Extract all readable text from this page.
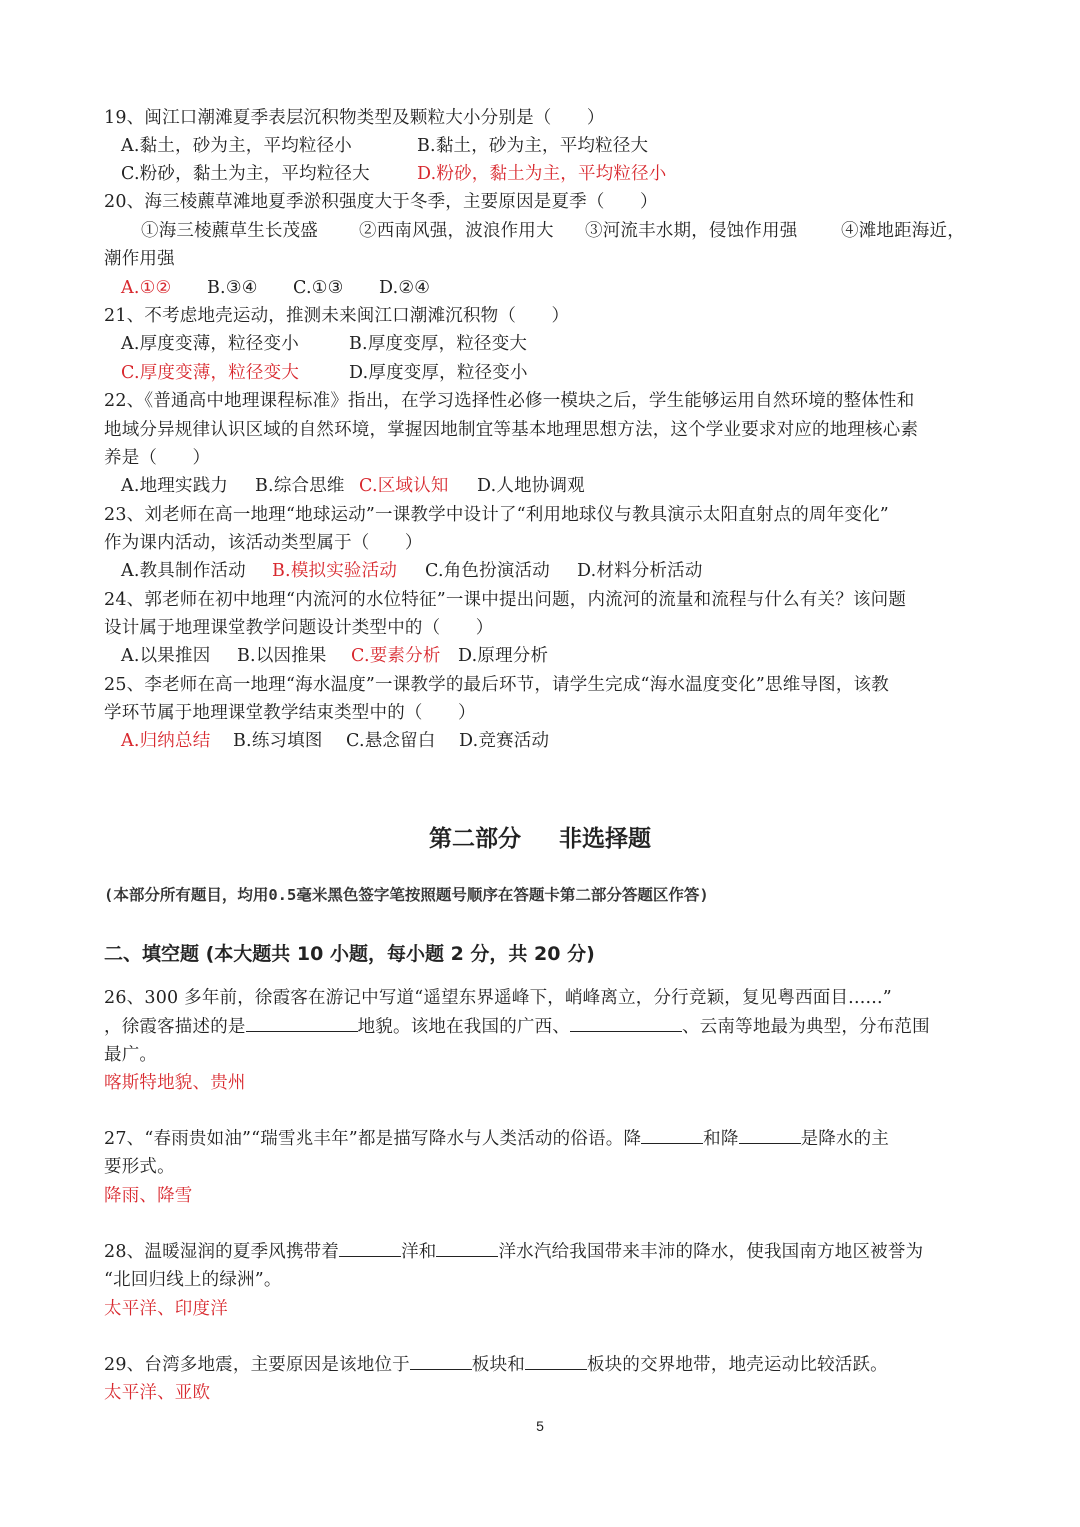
19、闽江口潮滩夏季表层沉积物类型及颗粒大小分别是（　　）
A.黏土，砂为主，平均粒径小	B.黏土，砂为主，平均粒径大
C.粉砂，黏土为主，平均粒径大	D.粉砂，黏土为主，平均粒径小
20、海三棱藨草滩地夏季淤积强度大于冬季，主要原因是夏季（　　）
①海三棱藨草生长茂盛 ②西南风强，波浪作用大 ③河流丰水期，侵蚀作用强 ④滩地距海近，
潮作用强
A.①② B.③④ C.①③ D.②④
21、不考虑地壳运动，推测未来闽江口潮滩沉积物（　　）
A.厚度变薄，粒径变小	B.厚度变厚，粒径变大
C.厚度变薄，粒径变大	D.厚度变厚，粒径变小
22、《普通高中地理课程标准》指出，在学习选择性必修一模块之后，学生能够运用自然环境的整体性和
地域分异规律认识区域的自然环境，掌握因地制宜等基本地理思想方法，这个学业要求对应的地理核心素
养是（　　）
A.地理实践力 B.综合思维 C.区域认知 D.人地协调观
23、刘老师在高一地理“地球运动”一课教学中设计了“利用地球仪与教具演示太阳直射点的周年变化”
作为课内活动，该活动类型属于（　　）
A.教具制作活动 B.模拟实验活动 C.角色扮演活动 D.材料分析活动
24、郭老师在初中地理“内流河的水位特征”一课中提出问题，内流河的流量和流程与什么有关？该问题
设计属于地理课堂教学问题设计类型中的（　　）
A.以果推因 B.以因推果 C.要素分析 D.原理分析
25、李老师在高一地理“海水温度”一课教学的最后环节，请学生完成“海水温度变化”思维导图，该教
学环节属于地理课堂教学结束类型中的（　　）
A.归纳总结 B.练习填图 C.悬念留白 D.竞赛活动
第二部分 非选择题
(本部分所有题目，均用0.5毫米黑色签字笔按照题号顺序在答题卡第二部分答题区作答)
二、填空题 (本大题共 10 小题，每小题 2 分，共 20 分)
26、300 多年前，徐霞客在游记中写道“遥望东界遥峰下，峭峰离立，分行竞颖，复见粤西面目......”
，徐霞客描述的是	地貌。该地在我国的广西、	、云南等地最为典型，分布范围
最广。
喀斯特地貌、贵州
27、“春雨贵如油”“瑞雪兆丰年”都是描写降水与人类活动的俗语。降	和降	是降水的主
要形式。
降雨、降雪
28、温暖湿润的夏季风携带着	洋和	洋水汽给我国带来丰沛的降水，使我国南方地区被誉为
“北回归线上的绿洲”。
太平洋、印度洋
29、台湾多地震，主要原因是该地位于	板块和	板块的交界地带，地壳运动比较活跃。
太平洋、亚欧
5
